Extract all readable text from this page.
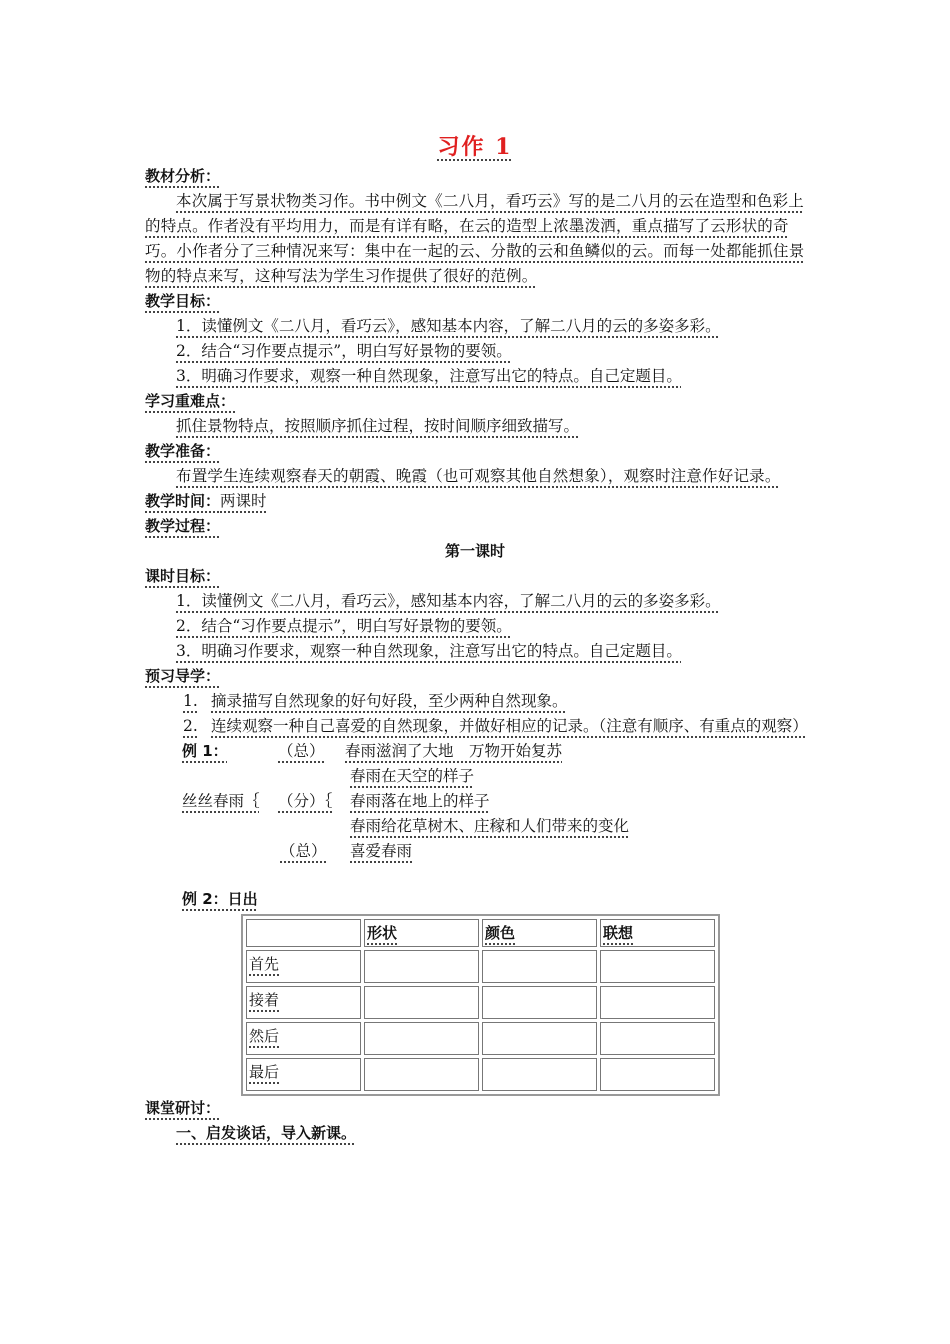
习作 1
教材分析：
本次属于写景状物类习作。书中例文《二八月，看巧云》写的是二八月的云在造型和色彩上的特点。作者没有平均用力，而是有详有略，在云的造型上浓墨泼洒，重点描写了云形状的奇巧。小作者分了三种情况来写：集中在一起的云、分散的云和鱼鳞似的云。而每一处都能抓住景物的特点来写，这种写法为学生习作提供了很好的范例。
教学目标：
1．读懂例文《二八月，看巧云》，感知基本内容，了解二八月的云的多姿多彩。
2．结合“习作要点提示”，明白写好景物的要领。
3．明确习作要求，观察一种自然现象，注意写出它的特点。自己定题目。
学习重难点：
抓住景物特点，按照顺序抓住过程，按时间顺序细致描写。
教学准备：
布置学生连续观察春天的朝霞、晚霞（也可观察其他自然想象），观察时注意作好记录。
教学时间：两课时
教学过程：
第一课时
课时目标：
1．读懂例文《二八月，看巧云》，感知基本内容，了解二八月的云的多姿多彩。
2．结合“习作要点提示”，明白写好景物的要领。
3．明确习作要求，观察一种自然现象，注意写出它的特点。自己定题目。
预习导学：
1. 摘录描写自然现象的好句好段，至少两种自然现象。
2. 连续观察一种自己喜爱的自然现象，并做好相应的记录。（注意有顺序、有重点的观察）
例 1：	（总） 春雨滋润了大地　万物开始复苏
春雨在天空的样子
丝丝春雨｛ （分）｛ 春雨落在地上的样子
春雨给花草树木、庄稼和人们带来的变化
（总） 喜爱春雨
例 2：日出
	形状	颜色	联想
首先			
接着			
然后			
最后			
课堂研讨：
一、启发谈话，导入新课。
